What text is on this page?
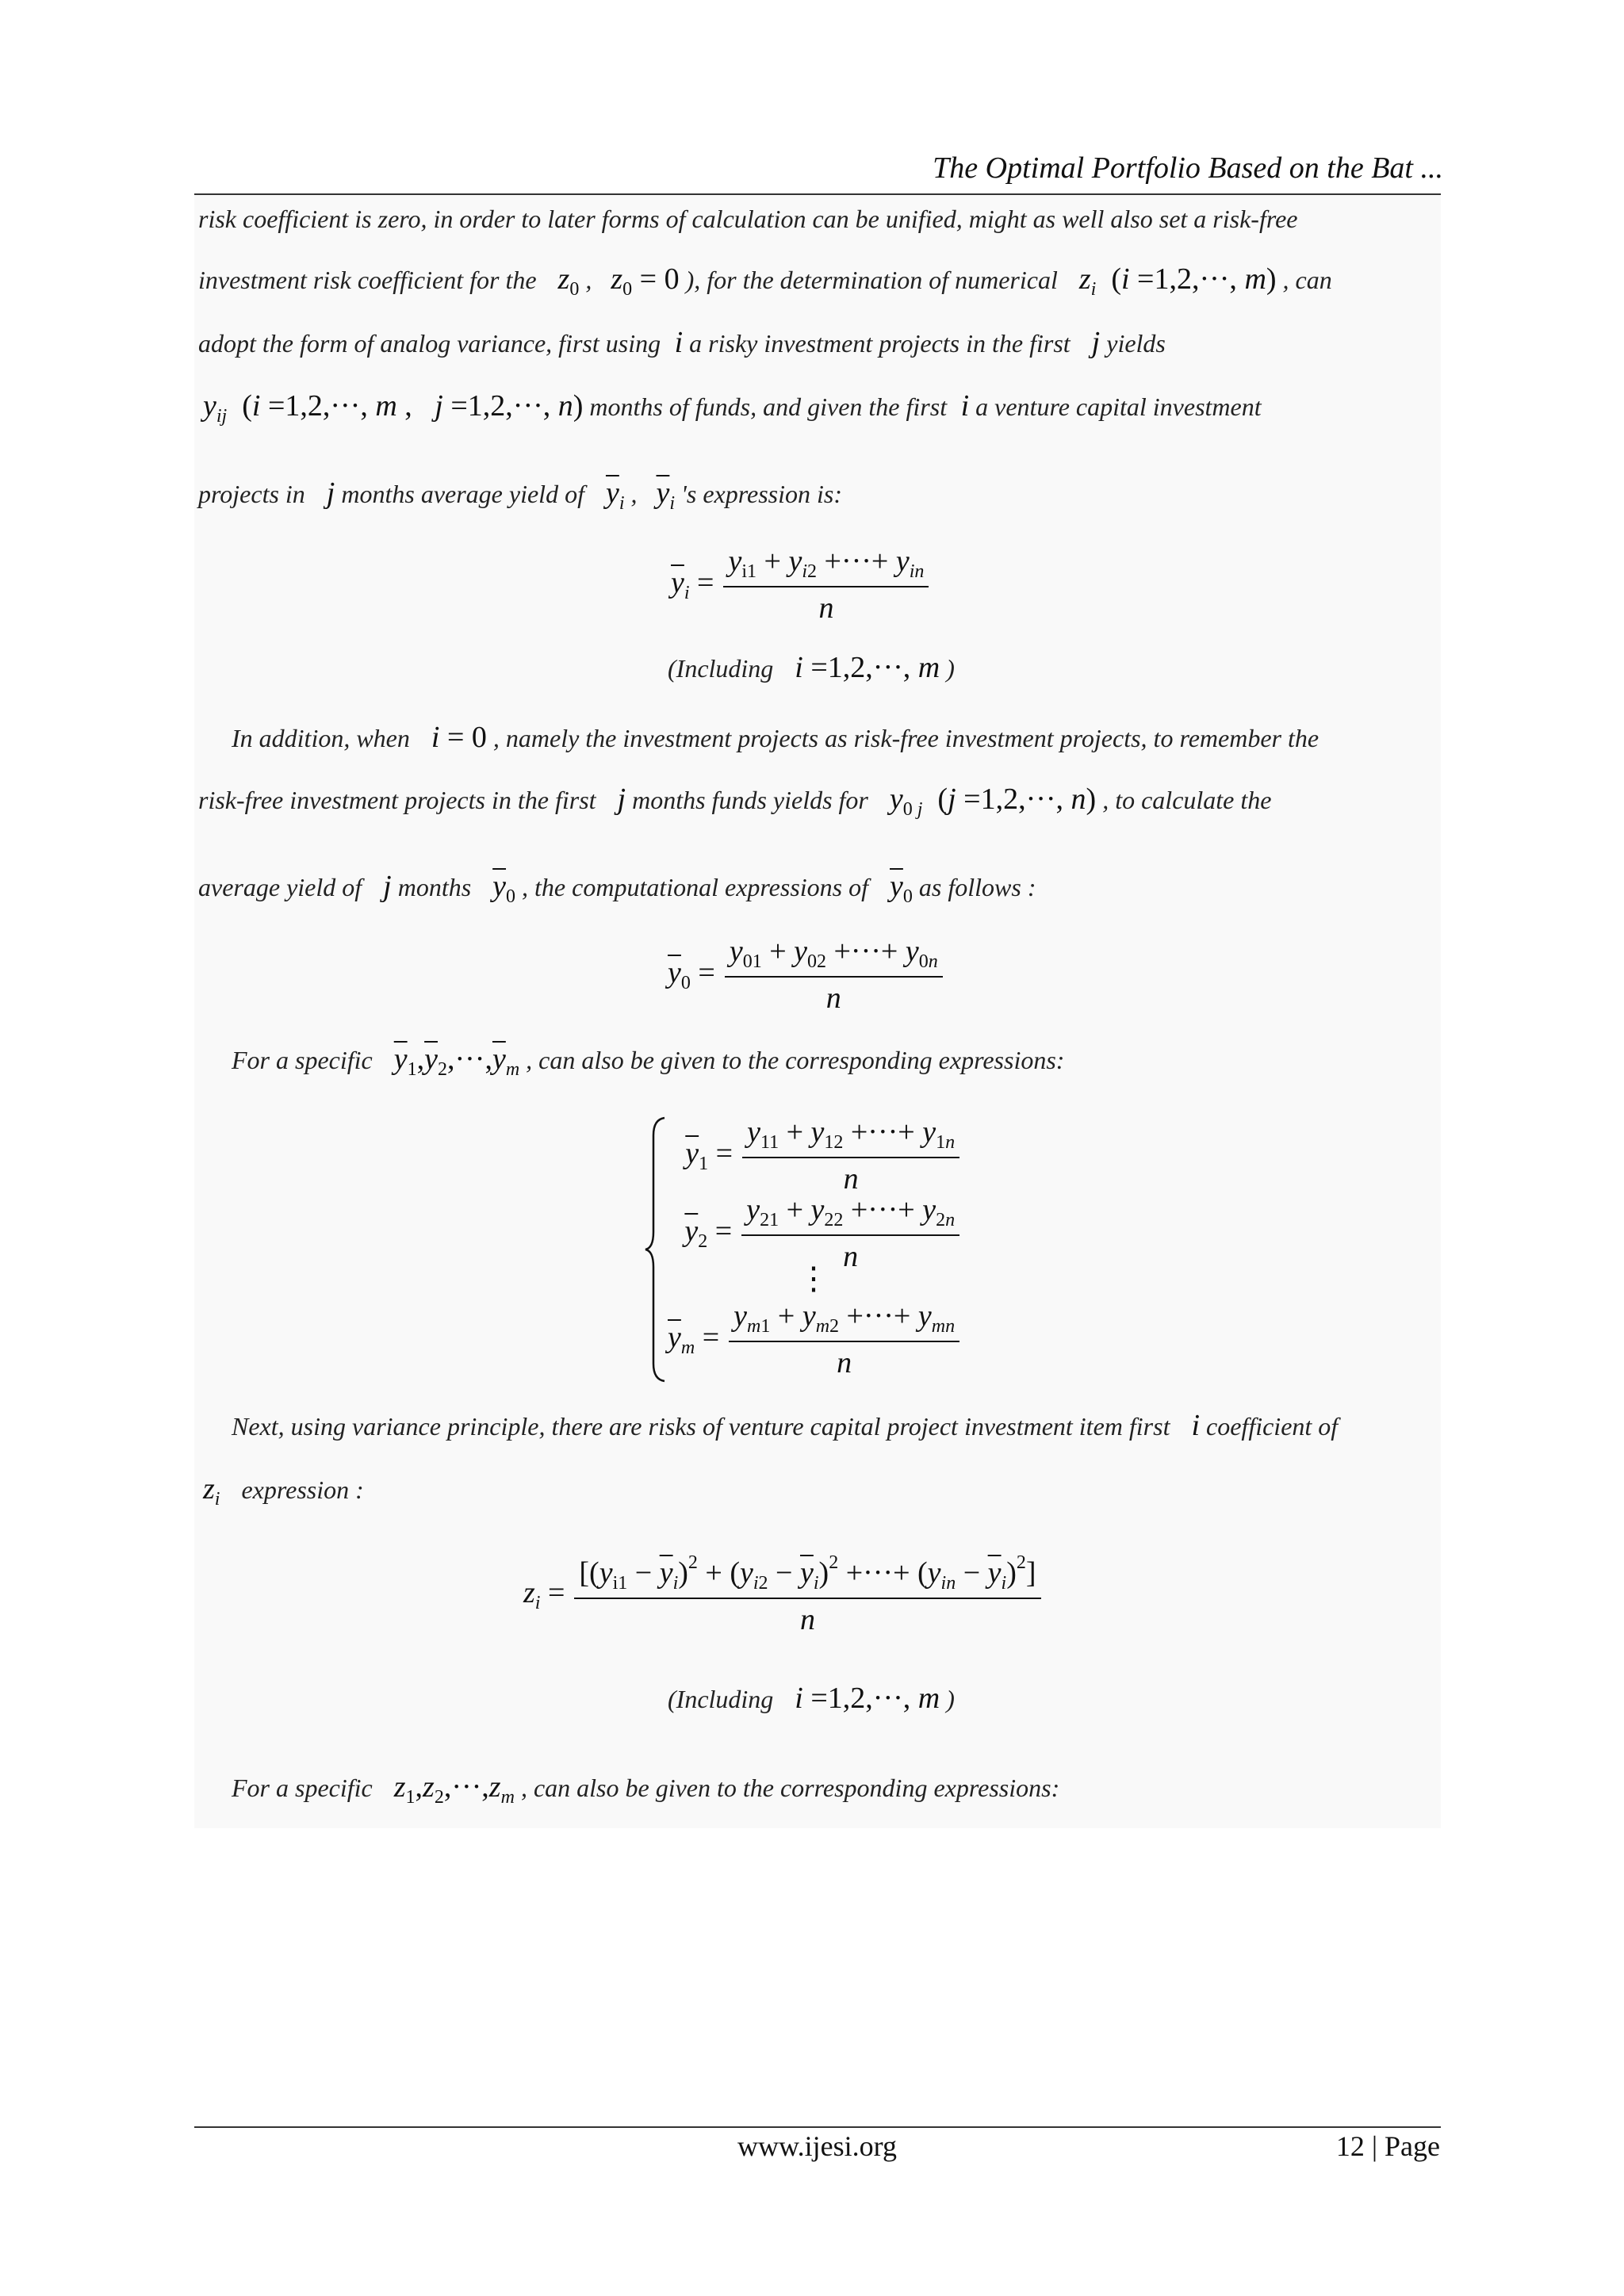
The Optimal Portfolio Based on the Bat ...
risk coefficient is zero, in order to later forms of calculation can be unified, might as well also set a risk-free
investment risk coefficient for the   $z_0$ ,   $z_0 = 0$ ), for the determination of numerical   $z_i$ (i =1,2,···, m) , can
adopt the form of analog variance, first using  i a risky investment projects in the first   j yields
$y_{ij}$ (i =1,2,···, m ,   j =1,2,···, n) months of funds, and given the first  i a venture capital investment
projects in   j months average yield of $\overline{y}_i$ ,   $\overline{y}_i$ 's expression is:
$\overline{y}_i = \frac{y_{i1} + y_{i2} +\cdot\cdot\cdot+ y_{in}}{n}$
(Including   i =1,2,···, m )
In addition, when   i = 0 , namely the investment projects as risk-free investment projects, to remember the
risk-free investment projects in the first   j months funds yields for   $y_{0 j}$ (j =1,2,···, n) , to calculate the
average yield of   j months $\overline{y}_0$ , the computational expressions of $\overline{y}_0$ as follows :
$\overline{y}_0 = \frac{y_{01} + y_{02} +\cdot\cdot\cdot+ y_{0n}}{n}$
For a specific $\overline{y}_1,\overline{y}_2,\cdot\cdot\cdot,\overline{y}_m$ , can also be given to the corresponding expressions:
$\overline{y}_1 = \frac{y_{11} + y_{12} +\cdot\cdot\cdot+ y_{1n}}{n}$
$\overline{y}_2 = \frac{y_{21} + y_{22} +\cdot\cdot\cdot+ y_{2n}}{n}$
⋮
$\overline{y}_m = \frac{y_{m1} + y_{m2} +\cdot\cdot\cdot+ y_{mn}}{n}$
Next, using variance principle, there are risks of venture capital project investment item first   i coefficient of
$z_i$ expression :
$z_i = \frac{[(y_{i1} - \overline{y}_i)^2 + (y_{i2} - \overline{y}_i)^2 +\cdot\cdot\cdot+ (y_{in} - \overline{y}_i)^2]}{n}$
(Including   i =1,2,···, m )
For a specific   $z_1,z_2,\cdot\cdot\cdot,z_m$ , can also be given to the corresponding expressions:
www.ijesi.org	12 | Page
